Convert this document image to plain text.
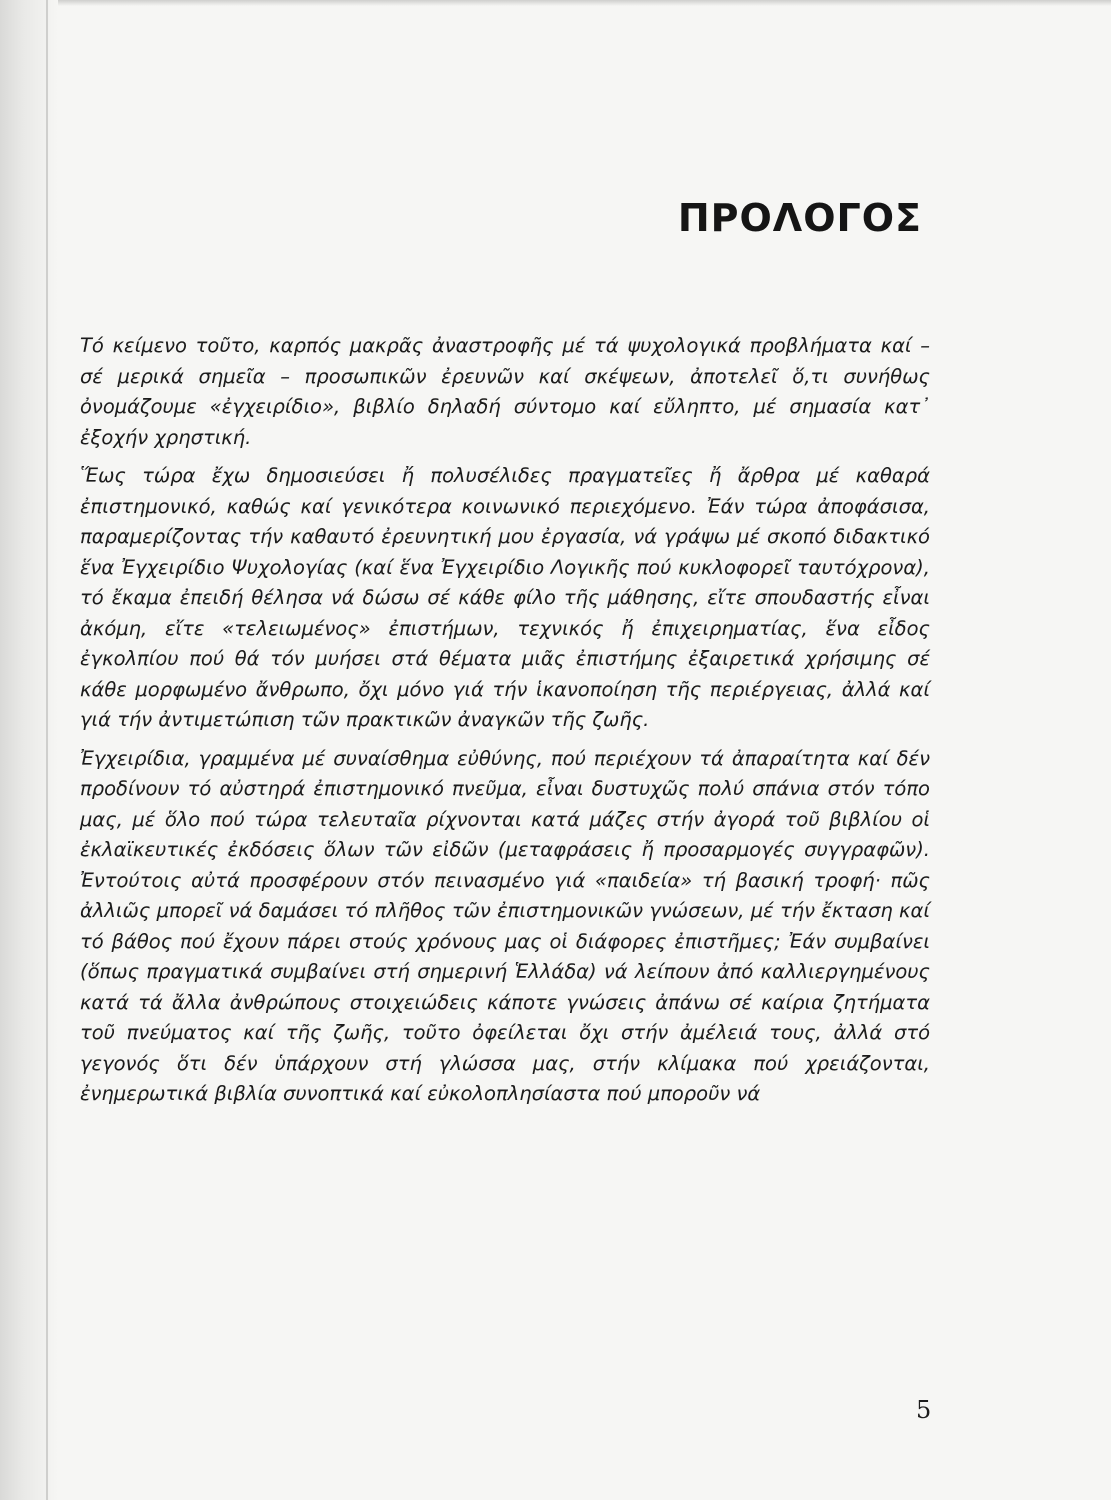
ΠΡΟΛΟΓΟΣ

Τό κείμενο τοῦτο, καρπός μακρᾶς ἀναστροφῆς μέ τά ψυχολογικά προβλήματα καί – σέ μερικά σημεῖα – προσωπικῶν ἐρευνῶν καί σκέψεων, ἀποτελεῖ ὅ,τι συνήθως ὀνομάζουμε «ἐγχειρίδιο», βιβλίο δηλαδή σύντομο καί εὔληπτο, μέ σημασία κατ᾽ ἐξοχήν χρηστική.

Ἕως τώρα ἔχω δημοσιεύσει ἤ πολυσέλιδες πραγματεῖες ἤ ἄρθρα μέ καθαρά ἐπιστημονικό, καθώς καί γενικότερα κοινωνικό περιεχόμενο. Ἐάν τώρα ἀποφάσισα, παραμερίζοντας τήν καθαυτό ἐρευνητική μου ἐργασία, νά γράψω μέ σκοπό διδακτικό ἕνα Ἐγχειρίδιο Ψυχολογίας (καί ἕνα Ἐγχειρίδιο Λογικῆς πού κυκλοφορεῖ ταυτόχρονα), τό ἔκαμα ἐπειδή θέλησα νά δώσω σέ κάθε φίλο τῆς μάθησης, εἴτε σπουδαστής εἶναι ἀκόμη, εἴτε «τελειωμένος» ἐπιστήμων, τεχνικός ἤ ἐπιχειρηματίας, ἕνα εἶδος ἐγκολπίου πού θά τόν μυήσει στά θέματα μιᾶς ἐπιστήμης ἐξαιρετικά χρήσιμης σέ κάθε μορφωμένο ἄνθρωπο, ὄχι μόνο γιά τήν ἱκανοποίηση τῆς περιέργειας, ἀλλά καί γιά τήν ἀντιμετώπιση τῶν πρακτικῶν ἀναγκῶν τῆς ζωῆς.

Ἐγχειρίδια, γραμμένα μέ συναίσθημα εὐθύνης, πού περιέχουν τά ἀπαραίτητα καί δέν προδίνουν τό αὐστηρά ἐπιστημονικό πνεῦμα, εἶναι δυστυχῶς πολύ σπάνια στόν τόπο μας, μέ ὅλο πού τώρα τελευταῖα ρίχνονται κατά μάζες στήν ἀγορά τοῦ βιβλίου οἱ ἐκλαϊκευτικές ἐκδόσεις ὅλων τῶν εἰδῶν (μεταφράσεις ἤ προσαρμογές συγγραφῶν). Ἐντούτοις αὐτά προσφέρουν στόν πεινασμένο γιά «παιδεία» τή βασική τροφή· πῶς ἀλλιῶς μπορεῖ νά δαμάσει τό πλῆθος τῶν ἐπιστημονικῶν γνώσεων, μέ τήν ἔκταση καί τό βάθος πού ἔχουν πάρει στούς χρόνους μας οἱ διάφορες ἐπιστῆμες; Ἐάν συμβαίνει (ὅπως πραγματικά συμβαίνει στή σημερινή Ἑλλάδα) νά λείπουν ἀπό καλλιεργημένους κατά τά ἄλλα ἀνθρώπους στοιχειώδεις κάποτε γνώσεις ἀπάνω σέ καίρια ζητήματα τοῦ πνεύματος καί τῆς ζωῆς, τοῦτο ὀφείλεται ὄχι στήν ἀμέλειά τους, ἀλλά στό γεγονός ὅτι δέν ὑπάρχουν στή γλώσσα μας, στήν κλίμακα πού χρειάζονται, ἐνημερωτικά βιβλία συνοπτικά καί εὐκολοπλησίαστα πού μποροῦν νά

5
